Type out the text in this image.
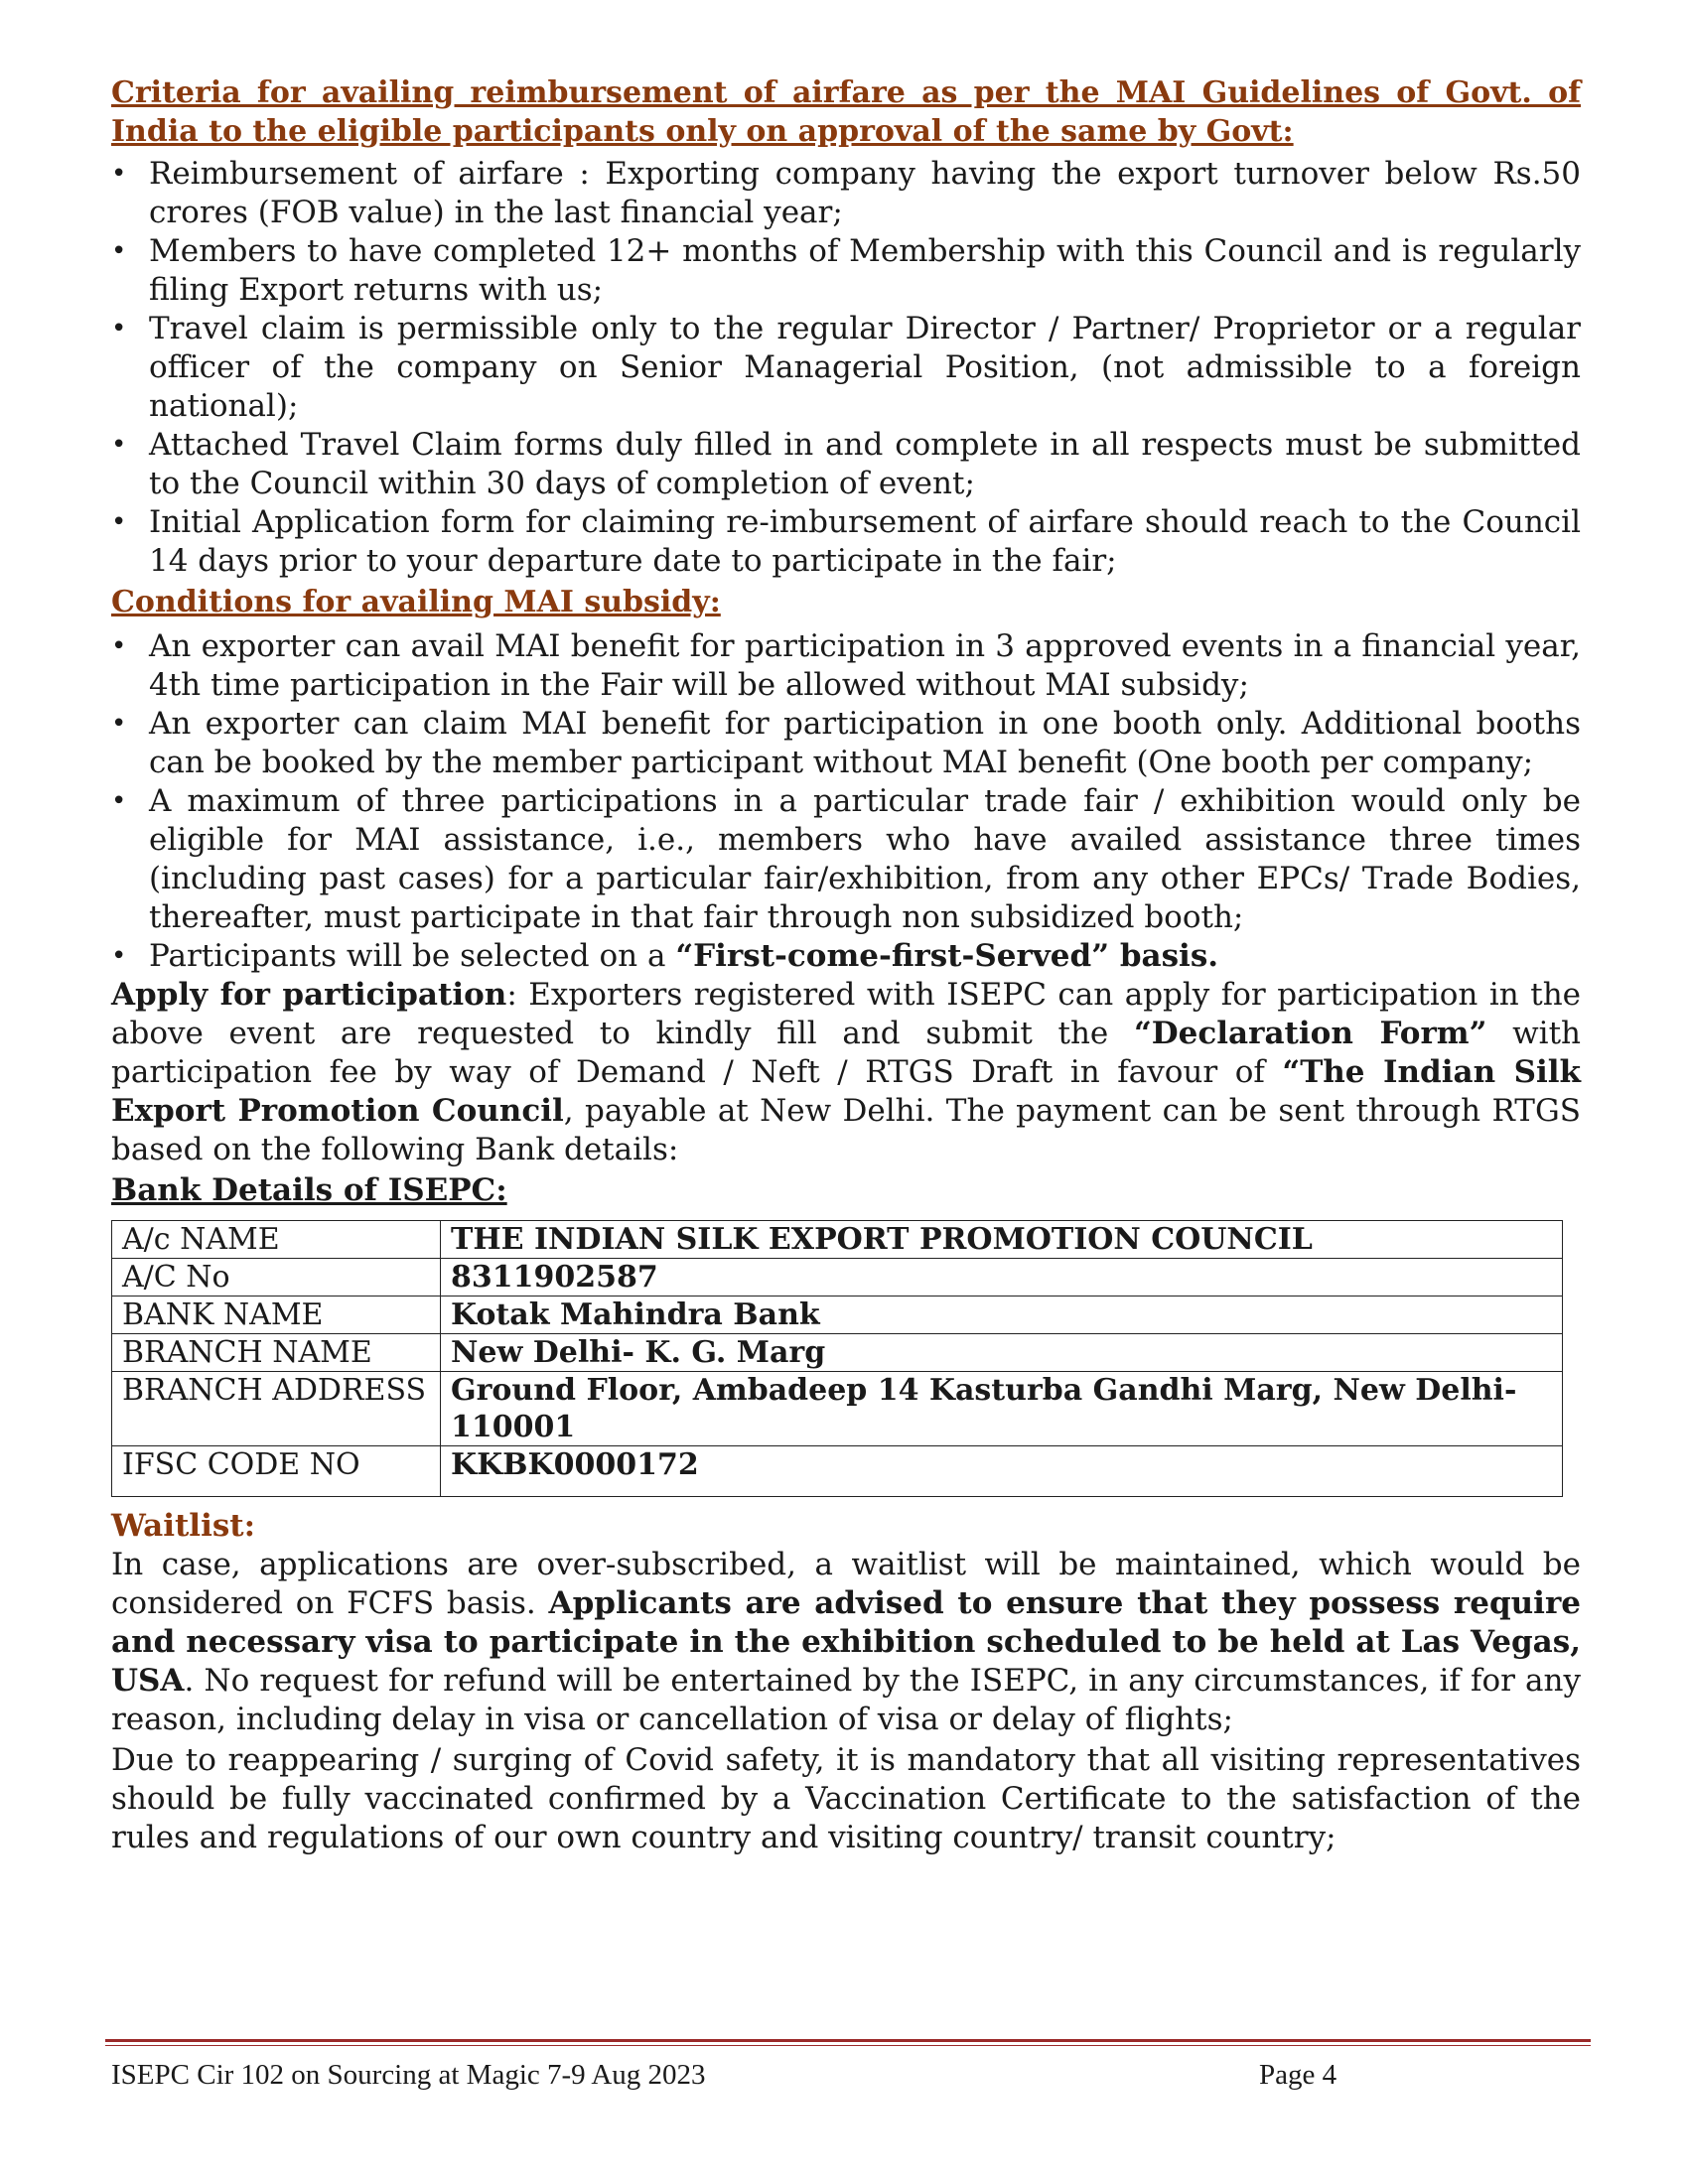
Criteria for availing reimbursement of airfare as per the MAI Guidelines of Govt. of India to the eligible participants only on approval of the same by Govt:
• Reimbursement of airfare : Exporting company having the export turnover below Rs.50 crores (FOB value) in the last financial year;
• Members to have completed 12+ months of Membership with this Council and is regularly filing Export returns with us;
• Travel claim is permissible only to the regular Director / Partner/ Proprietor or a regular officer of the company on Senior Managerial Position, (not admissible to a foreign national);
• Attached Travel Claim forms duly filled in and complete in all respects must be submitted to the Council within 30 days of completion of event;
• Initial Application form for claiming re-imbursement of airfare should reach to the Council 14 days prior to your departure date to participate in the fair;
Conditions for availing MAI subsidy:
• An exporter can avail MAI benefit for participation in 3 approved events in a financial year, 4th time participation in the Fair will be allowed without MAI subsidy;
• An exporter can claim MAI benefit for participation in one booth only. Additional booths can be booked by the member participant without MAI benefit (One booth per company;
• A maximum of three participations in a particular trade fair / exhibition would only be eligible for MAI assistance, i.e., members who have availed assistance three times (including past cases) for a particular fair/exhibition, from any other EPCs/ Trade Bodies, thereafter, must participate in that fair through non subsidized booth;
• Participants will be selected on a “First-come-first-Served” basis.

Apply for participation: Exporters registered with ISEPC can apply for participation in the above event are requested to kindly fill and submit the “Declaration Form” with participation fee by way of Demand / Neft / RTGS Draft in favour of “The Indian Silk Export Promotion Council, payable at New Delhi. The payment can be sent through RTGS based on the following Bank details:

Bank Details of ISEPC:
A/c NAME	THE INDIAN SILK EXPORT PROMOTION COUNCIL
A/C No	8311902587
BANK NAME	Kotak Mahindra Bank
BRANCH NAME	New Delhi- K. G. Marg
BRANCH ADDRESS	Ground Floor, Ambadeep 14 Kasturba Gandhi Marg, New Delhi-110001
IFSC CODE NO	KKBK0000172
Waitlist:

In case, applications are over-subscribed, a waitlist will be maintained, which would be considered on FCFS basis. Applicants are advised to ensure that they possess require and necessary visa to participate in the exhibition scheduled to be held at Las Vegas, USA. No request for refund will be entertained by the ISEPC, in any circumstances, if for any reason, including delay in visa or cancellation of visa or delay of flights;

Due to reappearing / surging of Covid safety, it is mandatory that all visiting representatives should be fully vaccinated confirmed by a Vaccination Certificate to the satisfaction of the rules and regulations of our own country and visiting country/ transit country;

ISEPC Cir 102 on Sourcing at Magic 7-9 Aug 2023	Page 4
